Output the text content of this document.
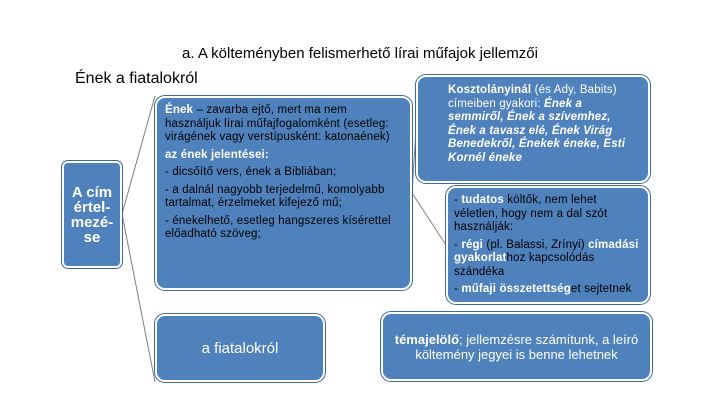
a. A költeményben felismerhető lírai műfajok jellemzői
Ének a fiatalokról
A cím
értel-
mezé-
se

Ének – zavarba ejtő, mert ma nem használjuk lírai műfajfogalomként (esetleg: virágének vagy verstípusként: katonaének)

az ének jelentései:

- dicsőítő vers, ének a Bibliában;

- a dalnál nagyobb terjedelmű, komolyabb tartalmat, érzelmeket kifejező mű;

- énekelhető, esetleg hangszeres kísérettel előadható szöveg;

Kosztolányinál (és Ady, Babits) címeiben gyakori: Ének a semmiről, Ének a szívemhez, Ének a tavasz elé, Ének Virág Benedekről, Énekek éneke, Esti Kornél éneke

- tudatos költők, nem lehet véletlen, hogy nem a dal szót használják:

- régi (pl. Balassi, Zrínyi) címadási gyakorlathoz kapcsolódás szándéka

- műfaji összetettséget sejtetnek

a fiatalokról
témajelölő; jellemzésre számítunk, a leíró költemény jegyei is benne lehetnek
